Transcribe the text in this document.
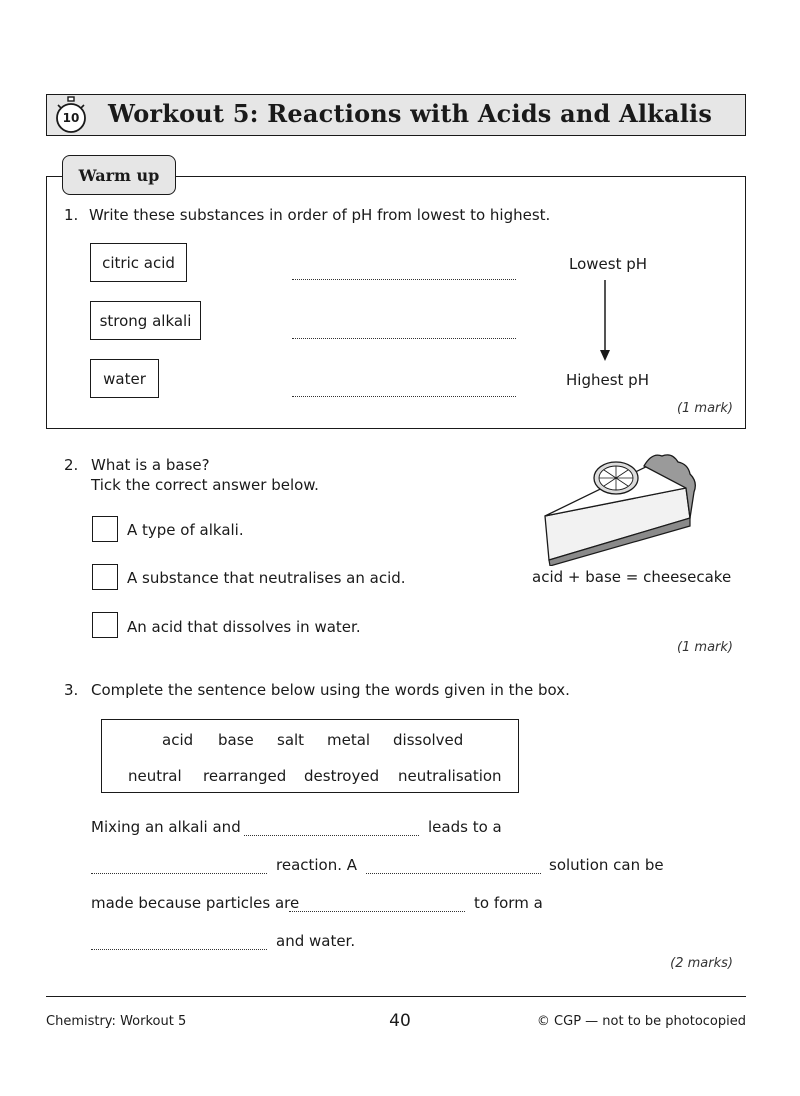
10	Workout 5: Reactions with Acids and Alkalis
Warm up
1. Write these substances in order of pH from lowest to highest.
citric acid
strong alkali
water
Lowest pH
Highest pH
(1 mark)
2. What is a base?
Tick the correct answer below.
A type of alkali.
A substance that neutralises an acid.
An acid that dissolves in water.
acid + base = cheesecake
(1 mark)
3. Complete the sentence below using the words given in the box.
acid base salt metal dissolved
neutral rearranged destroyed neutralisation
Mixing an alkali and	leads to a
reaction. A	solution can be
made because particles are	to form a
and water.
(2 marks)
Chemistry: Workout 5	40	© CGP — not to be photocopied
